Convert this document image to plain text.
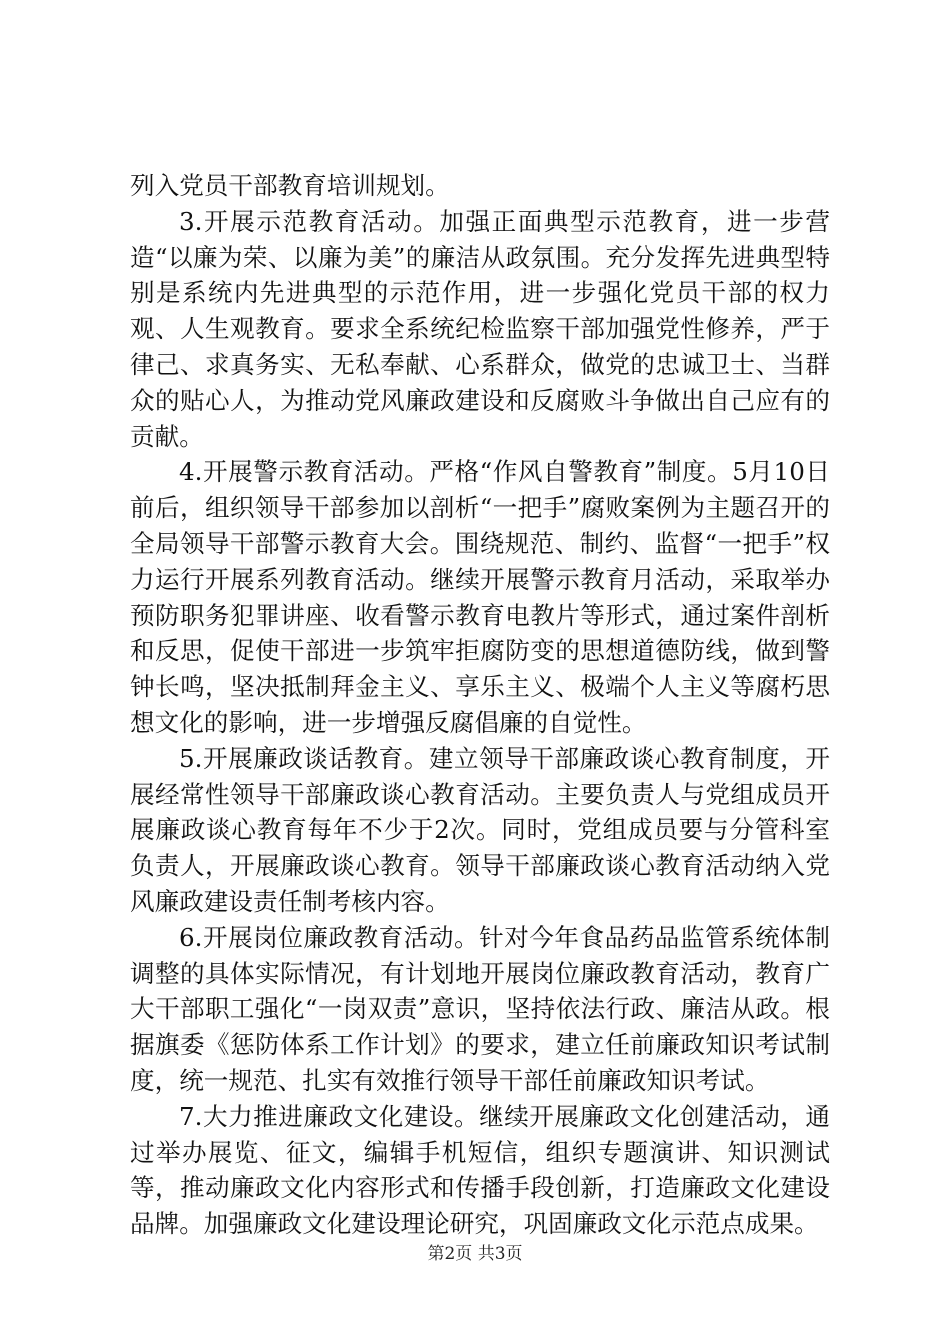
列入党员干部教育培训规划。

3.开展示范教育活动。加强正面典型示范教育，进一步营造“以廉为荣、以廉为美”的廉洁从政氛围。充分发挥先进典型特别是系统内先进典型的示范作用，进一步强化党员干部的权力观、人生观教育。要求全系统纪检监察干部加强党性修养，严于律己、求真务实、无私奉献、心系群众，做党的忠诚卫士、当群众的贴心人，为推动党风廉政建设和反腐败斗争做出自己应有的贡献。

4.开展警示教育活动。严格“作风自警教育”制度。5月10日前后，组织领导干部参加以剖析“一把手”腐败案例为主题召开的全局领导干部警示教育大会。围绕规范、制约、监督“一把手”权力运行开展系列教育活动。继续开展警示教育月活动，采取举办预防职务犯罪讲座、收看警示教育电教片等形式，通过案件剖析和反思，促使干部进一步筑牢拒腐防变的思想道德防线，做到警钟长鸣，坚决抵制拜金主义、享乐主义、极端个人主义等腐朽思想文化的影响，进一步增强反腐倡廉的自觉性。

5.开展廉政谈话教育。建立领导干部廉政谈心教育制度，开展经常性领导干部廉政谈心教育活动。主要负责人与党组成员开展廉政谈心教育每年不少于2次。同时，党组成员要与分管科室负责人，开展廉政谈心教育。领导干部廉政谈心教育活动纳入党风廉政建设责任制考核内容。

6.开展岗位廉政教育活动。针对今年食品药品监管系统体制调整的具体实际情况，有计划地开展岗位廉政教育活动，教育广大干部职工强化“一岗双责”意识，坚持依法行政、廉洁从政。根据旗委《惩防体系工作计划》的要求，建立任前廉政知识考试制度，统一规范、扎实有效推行领导干部任前廉政知识考试。

7.大力推进廉政文化建设。继续开展廉政文化创建活动，通过举办展览、征文，编辑手机短信，组织专题演讲、知识测试等，推动廉政文化内容形式和传播手段创新，打造廉政文化建设品牌。加强廉政文化建设理论研究，巩固廉政文化示范点成果。

第2页 共3页
